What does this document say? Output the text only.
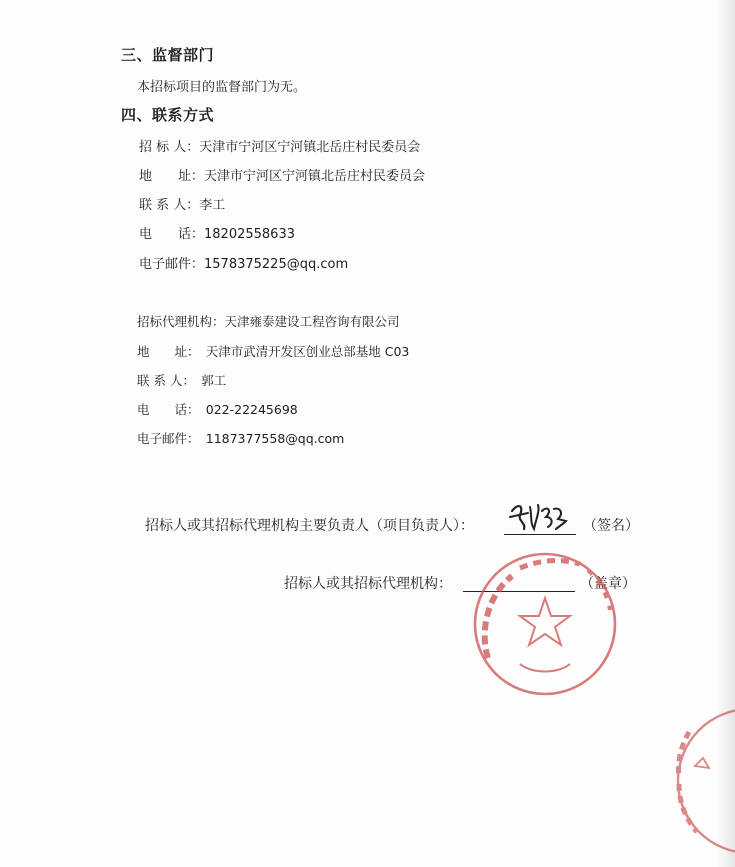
三、监督部门
本招标项目的监督部门为无。
四、联系方式
招 标 人：天津市宁河区宁河镇北岳庄村民委员会
地　　址：天津市宁河区宁河镇北岳庄村民委员会
联 系 人：李工
电　　话：18202558633
电子邮件：1578375225@qq.com
招标代理机构：天津雍泰建设工程咨询有限公司
地　　址：　天津市武清开发区创业总部基地 C03
联 系 人：　郭工
电　　话：　022-22245698
电子邮件：　1187377558@qq.com
招标人或其招标代理机构主要负责人（项目负责人）：	（签名）
招标人或其招标代理机构：	（盖章）
